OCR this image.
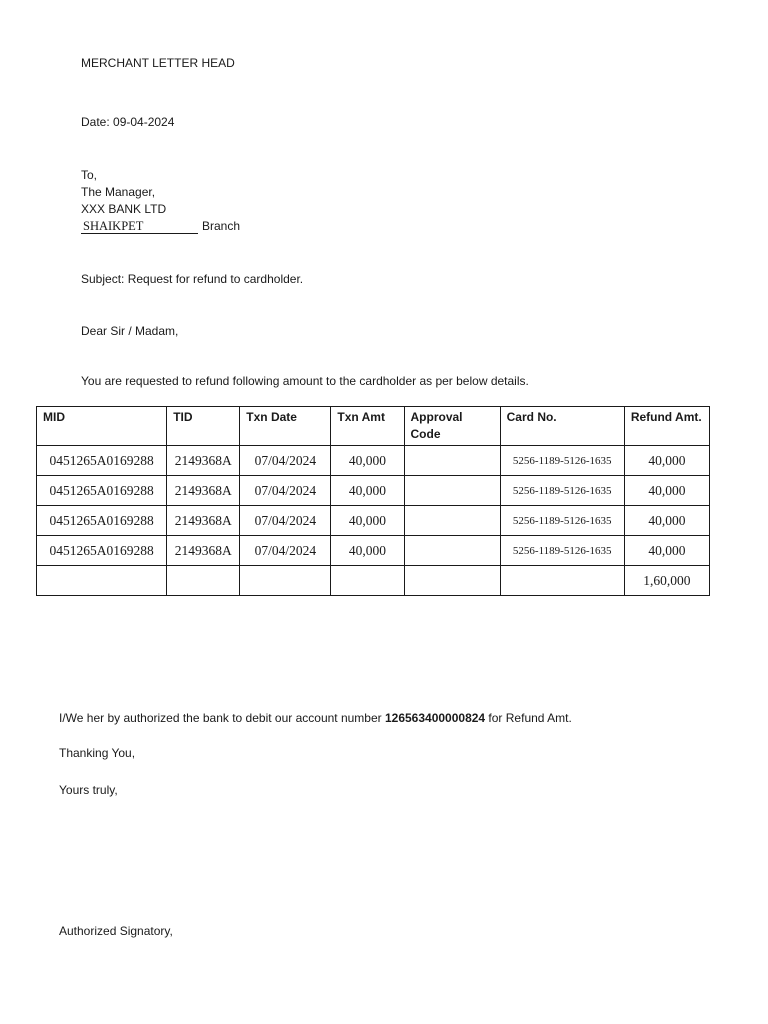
MERCHANT LETTER HEAD
Date: 09-04-2024
To,
The Manager,
XXX BANK LTD
SHAIKPET	Branch
Subject: Request for refund to cardholder.
Dear Sir / Madam,
You are requested to refund following amount to the cardholder as per below details.
MID	TID	Txn Date	Txn Amt	Approval Code	Card No.	Refund Amt.
0451265A0169288	2149368A	07/04/2024	40,000		5256-1189-5126-1635	40,000
0451265A0169288	2149368A	07/04/2024	40,000		5256-1189-5126-1635	40,000
0451265A0169288	2149368A	07/04/2024	40,000		5256-1189-5126-1635	40,000
0451265A0169288	2149368A	07/04/2024	40,000		5256-1189-5126-1635	40,000
						1,60,000
I/We her by authorized the bank to debit our account number 126563400000824 for Refund Amt.
Thanking You,
Yours truly,
Authorized Signatory,
